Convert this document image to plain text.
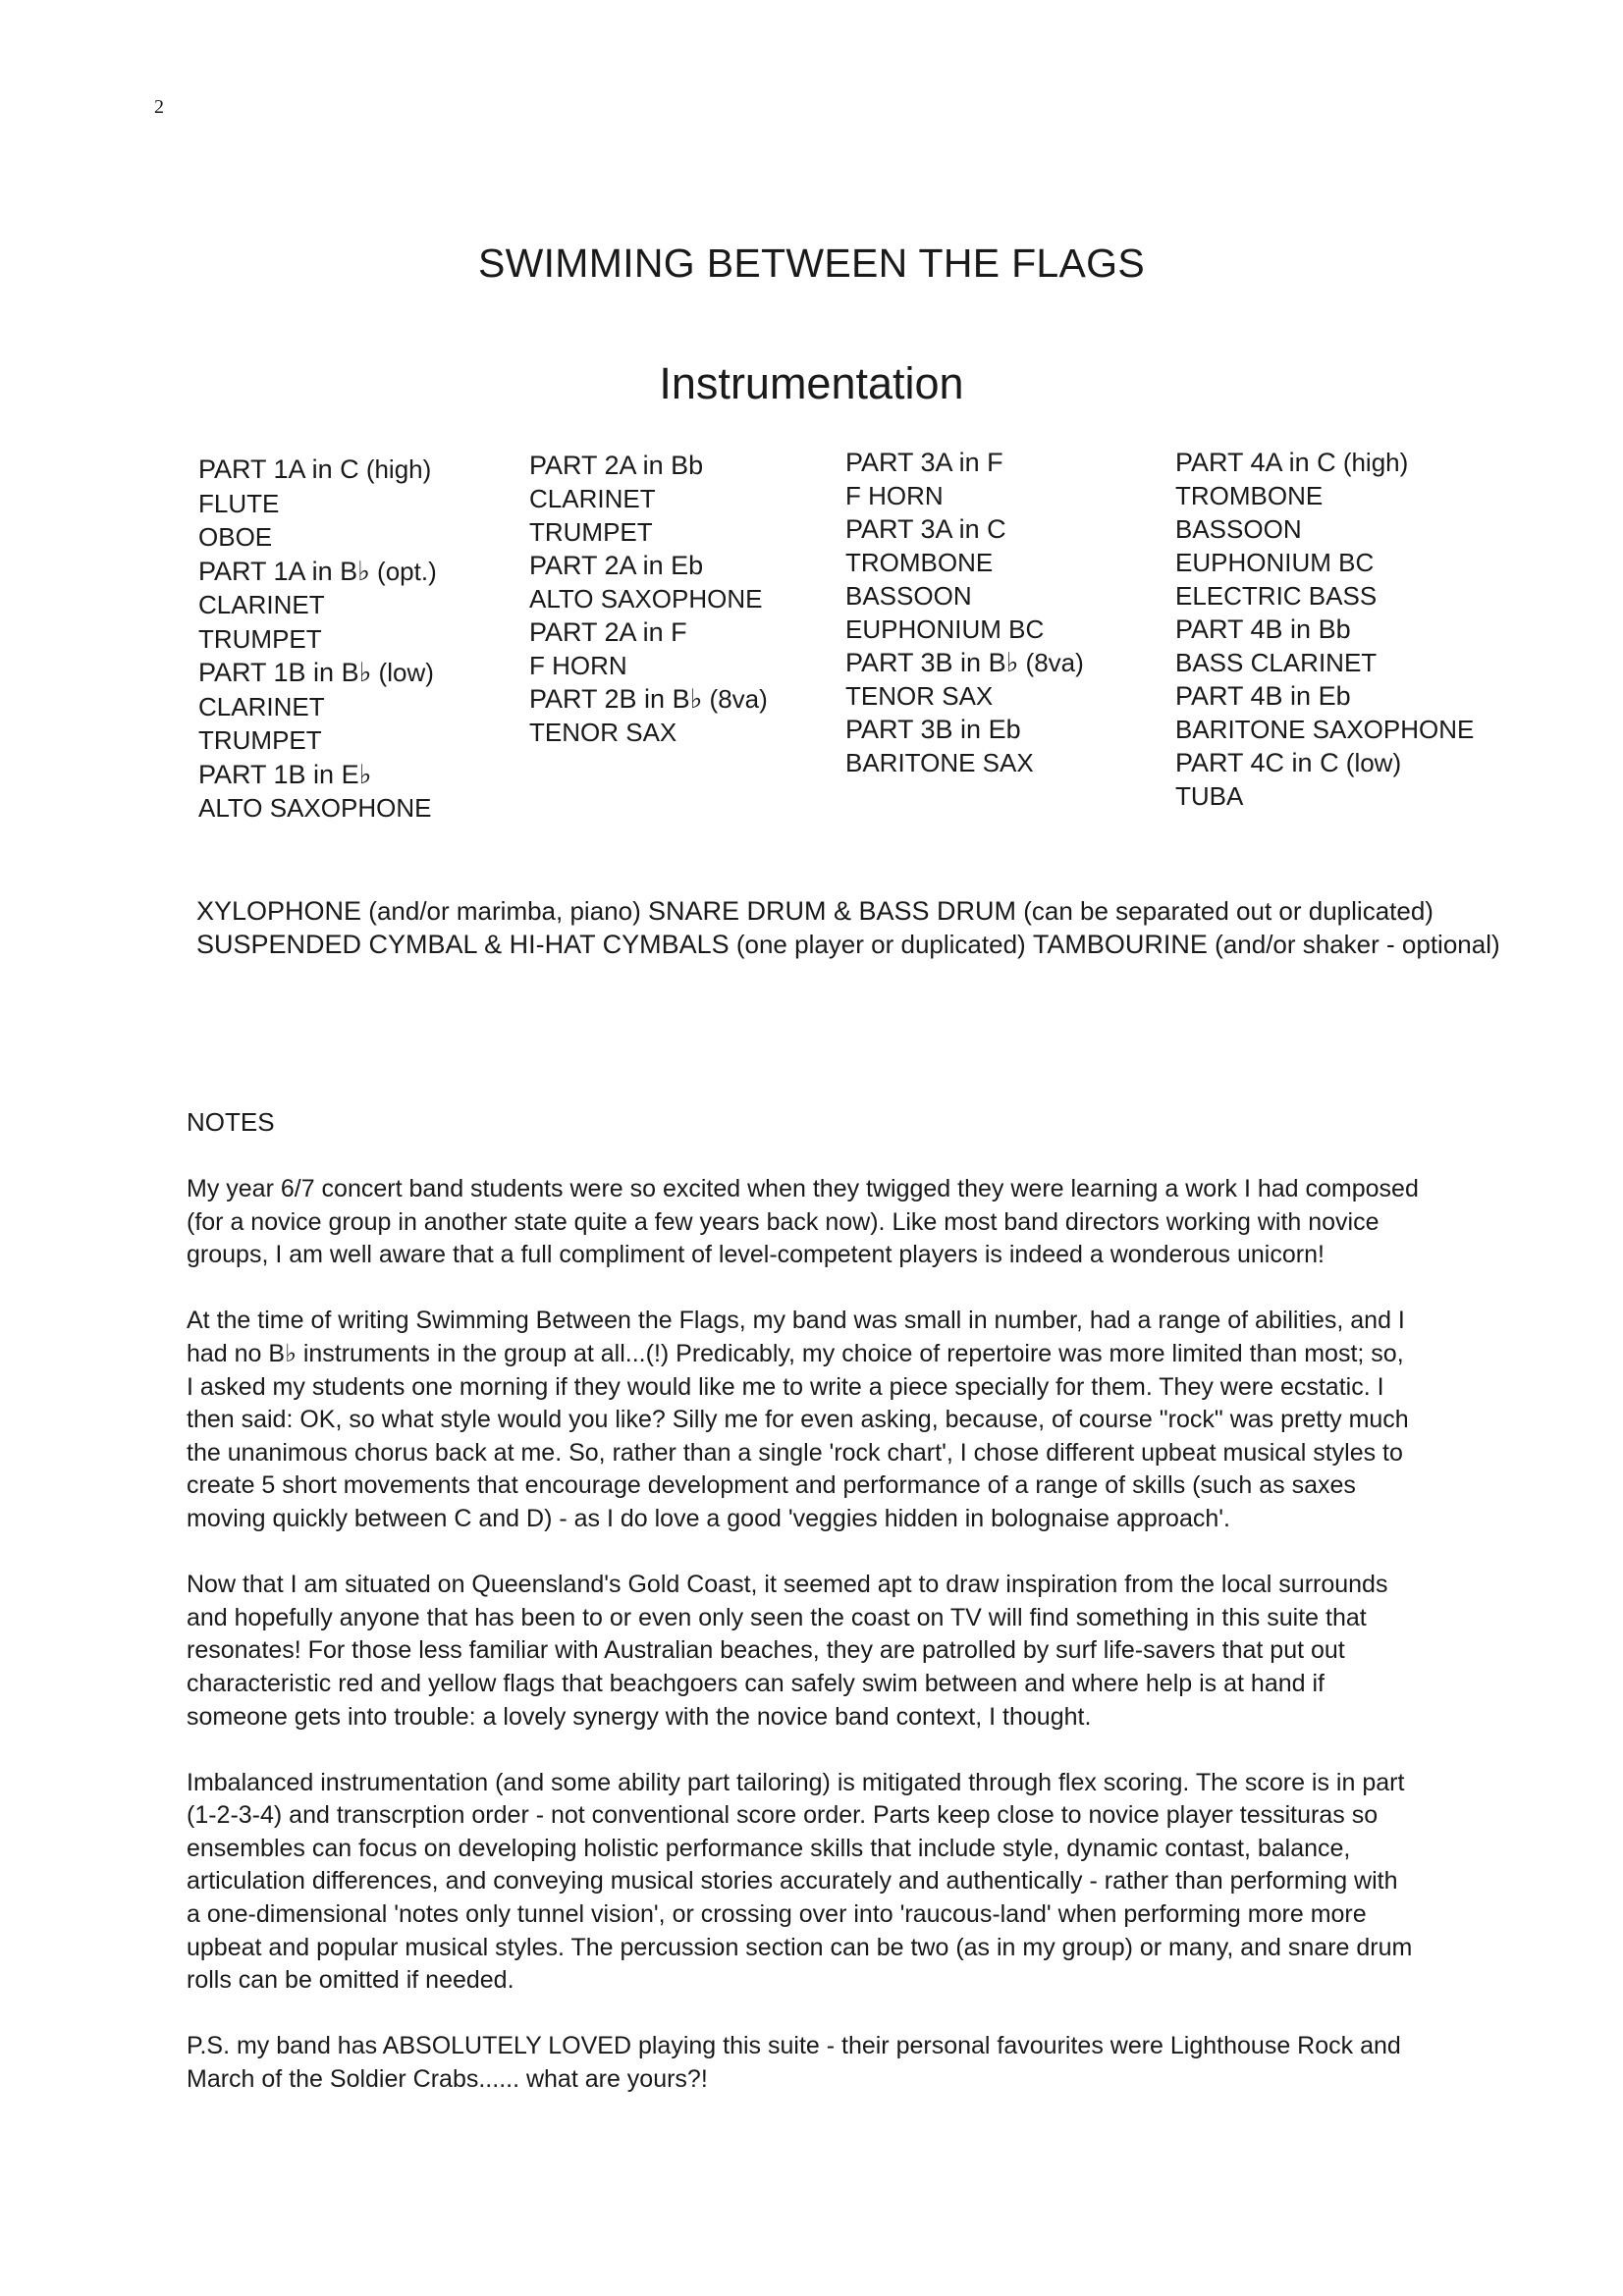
2
SWIMMING BETWEEN THE FLAGS
Instrumentation
PART 1A in C (high)
FLUTE
OBOE
PART 1A in B♭ (opt.)
CLARINET
TRUMPET
PART 1B in B♭ (low)
CLARINET
TRUMPET
PART 1B in E♭
ALTO SAXOPHONE
PART 2A in Bb
CLARINET
TRUMPET
PART 2A in Eb
ALTO SAXOPHONE
PART 2A in F
F HORN
PART 2B in B♭ (8va)
TENOR SAX
PART 3A in F
F HORN
PART 3A in C
TROMBONE
BASSOON
EUPHONIUM BC
PART 3B in B♭ (8va)
TENOR SAX
PART 3B in Eb
BARITONE SAX
PART 4A in C (high)
TROMBONE
BASSOON
EUPHONIUM BC
ELECTRIC BASS
PART 4B in Bb
BASS CLARINET
PART 4B in Eb
BARITONE SAXOPHONE
PART 4C in C (low)
TUBA
XYLOPHONE (and/or marimba, piano) SNARE DRUM & BASS DRUM (can be separated out or duplicated)
SUSPENDED CYMBAL & HI-HAT CYMBALS (one player or duplicated) TAMBOURINE (and/or shaker - optional)
NOTES

My year 6/7 concert band students were so excited when they twigged they were learning a work I had composed
(for a novice group in another state quite a few years back now). Like most band directors working with novice
groups, I am well aware that a full compliment of level-competent players is indeed a wonderous unicorn!

At the time of writing Swimming Between the Flags, my band was small in number, had a range of abilities, and I
had no B♭ instruments in the group at all...(!) Predicably, my choice of repertoire was more limited than most; so,
I asked my students one morning if they would like me to write a piece specially for them. They were ecstatic. I
then said: OK, so what style would you like? Silly me for even asking, because, of course "rock" was pretty much
the unanimous chorus back at me. So, rather than a single 'rock chart', I chose different upbeat musical styles to
create 5 short movements that encourage development and performance of a range of skills (such as saxes
moving quickly between C and D) - as I do love a good 'veggies hidden in bolognaise approach'.

Now that I am situated on Queensland's Gold Coast, it seemed apt to draw inspiration from the local surrounds
and hopefully anyone that has been to or even only seen the coast on TV will find something in this suite that
resonates! For those less familiar with Australian beaches, they are patrolled by surf life-savers that put out
characteristic red and yellow flags that beachgoers can safely swim between and where help is at hand if
someone gets into trouble: a lovely synergy with the novice band context, I thought.

Imbalanced instrumentation (and some ability part tailoring) is mitigated through flex scoring. The score is in part
(1-2-3-4) and transcrption order - not conventional score order. Parts keep close to novice player tessituras so
ensembles can focus on developing holistic performance skills that include style, dynamic contast, balance,
articulation differences, and conveying musical stories accurately and authentically - rather than performing with
a one-dimensional 'notes only tunnel vision', or crossing over into 'raucous-land' when performing more more
upbeat and popular musical styles. The percussion section can be two (as in my group) or many, and snare drum
rolls can be omitted if needed.

P.S. my band has ABSOLUTELY LOVED playing this suite - their personal favourites were Lighthouse Rock and
March of the Soldier Crabs...... what are yours?!
